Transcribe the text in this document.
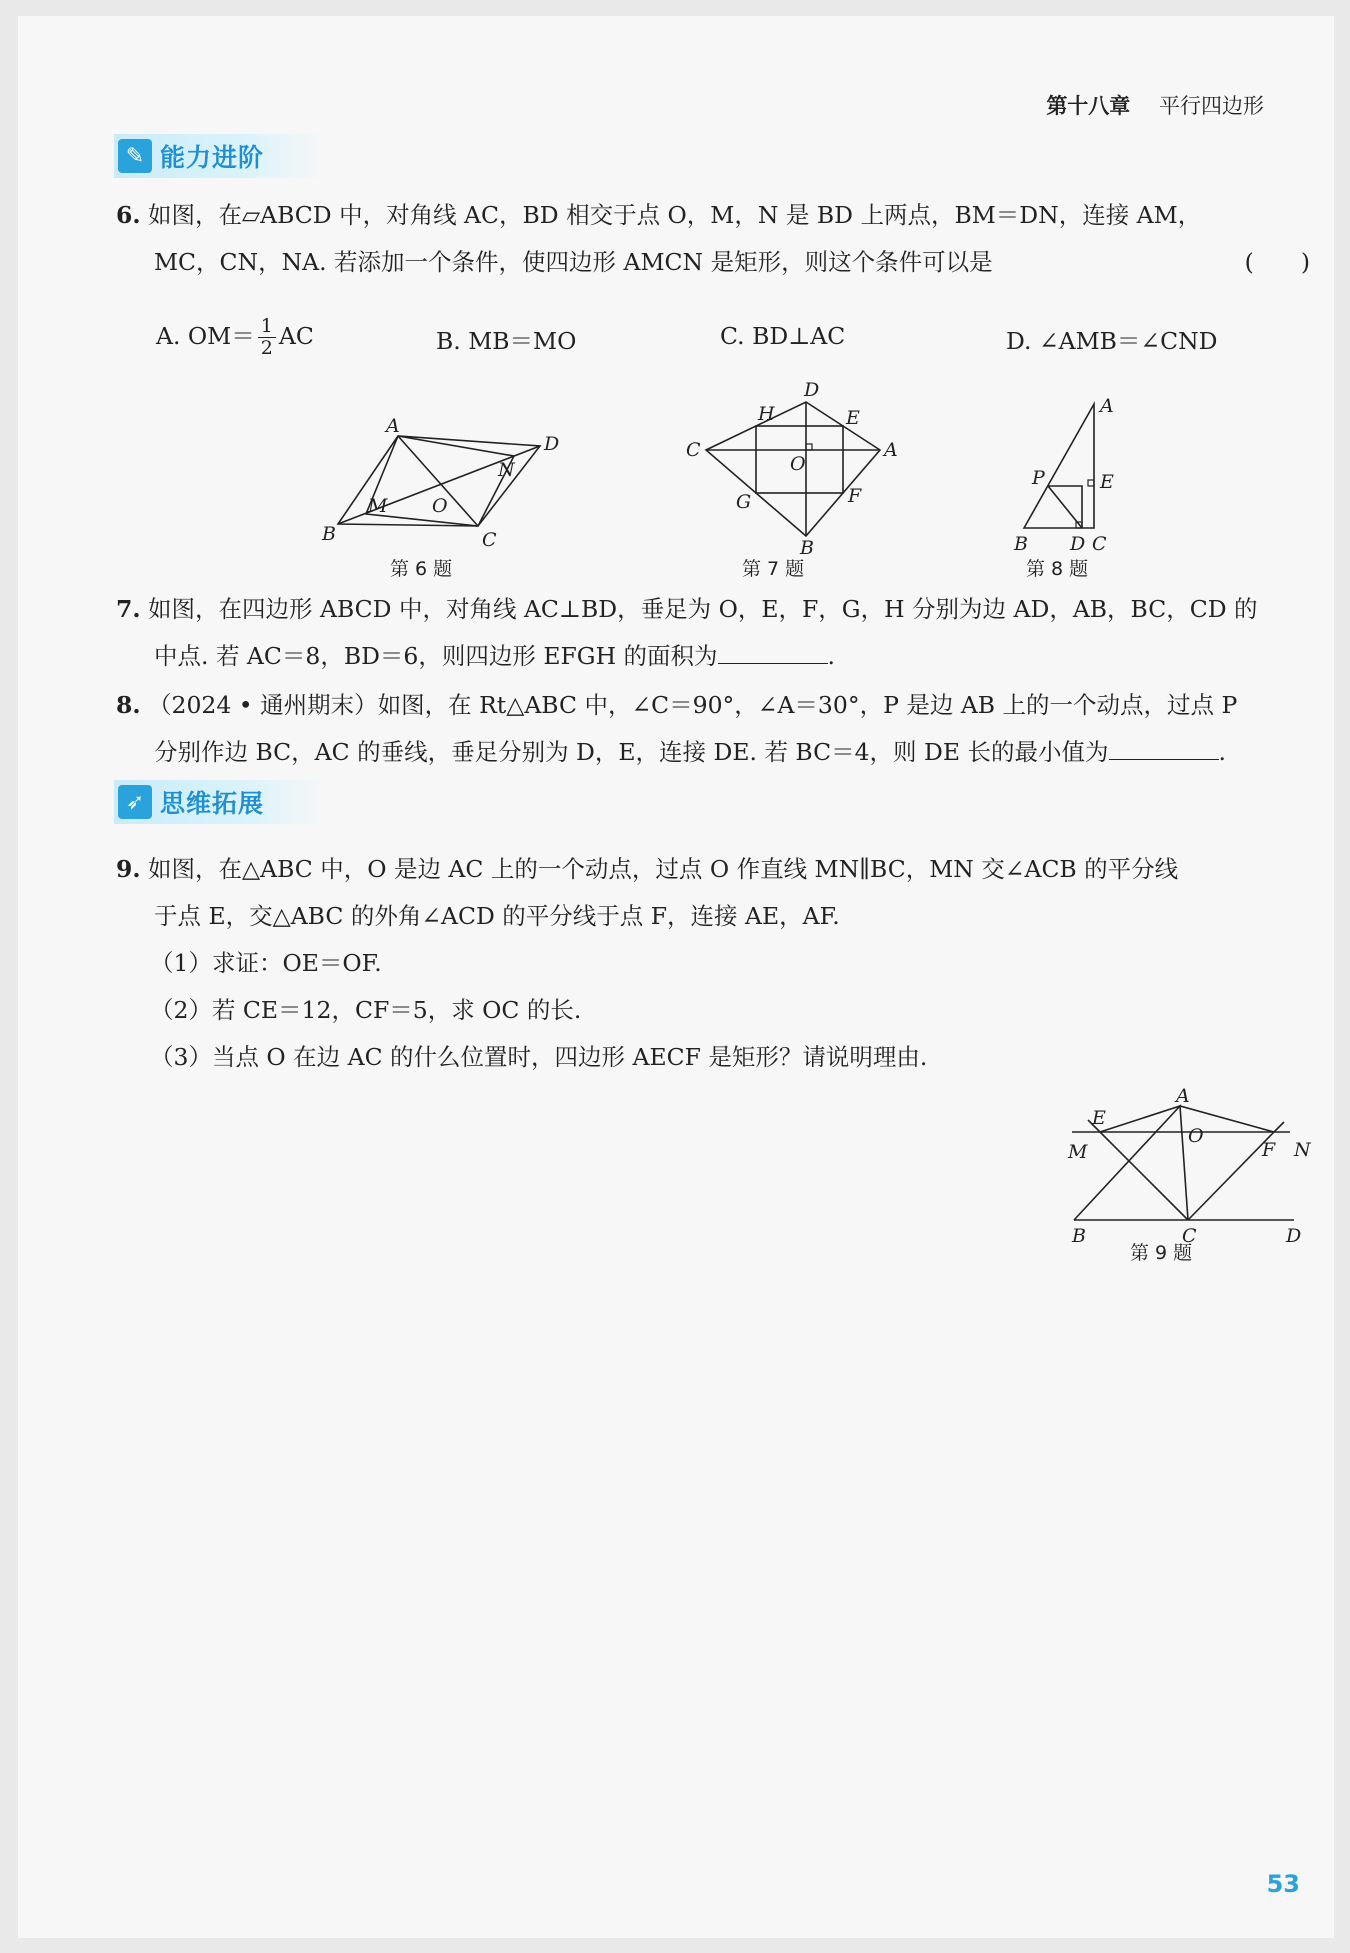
第十八章 平行四边形
✎ 能力进阶
6. 如图，在▱ABCD 中，对角线 AC，BD 相交于点 O，M，N 是 BD 上两点，BM＝DN，连接 AM，
MC，CN，NA. 若添加一个条件，使四边形 AMCN 是矩形，则这个条件可以是	(　　)
A. $OM= \frac{1}{2}$ AC	B. MB＝MO	C. BD⊥AC	D. ∠AMB＝∠CND
A
B	C
D
M
N
O
第 6 题
D
A
B
C
E
F
G
H
O
第 7 题
A
B	C
D
E
P
第 8 题
7. 如图，在四边形 ABCD 中，对角线 AC⊥BD，垂足为 O，E，F，G，H 分别为边 AD，AB，BC，CD 的
中点. 若 AC＝8，BD＝6，则四边形 EFGH 的面积为	.
8. （2024 • 通州期末）如图，在 Rt△ABC 中，∠C＝90°，∠A＝30°，P 是边 AB 上的一个动点，过点 P
分别作边 BC，AC 的垂线，垂足分别为 D，E，连接 DE. 若 BC＝4，则 DE 长的最小值为	.
➶ 思维拓展
9. 如图，在△ABC 中，O 是边 AC 上的一个动点，过点 O 作直线 MN∥BC，MN 交∠ACB 的平分线
于点 E，交△ABC 的外角∠ACD 的平分线于点 F，连接 AE，AF.
（1）求证：OE＝OF.
（2）若 CE＝12，CF＝5，求 OC 的长.
（3）当点 O 在边 AC 的什么位置时，四边形 AECF 是矩形？请说明理由.
A
B	C	D
E
F
M	N
O
第 9 题
53
